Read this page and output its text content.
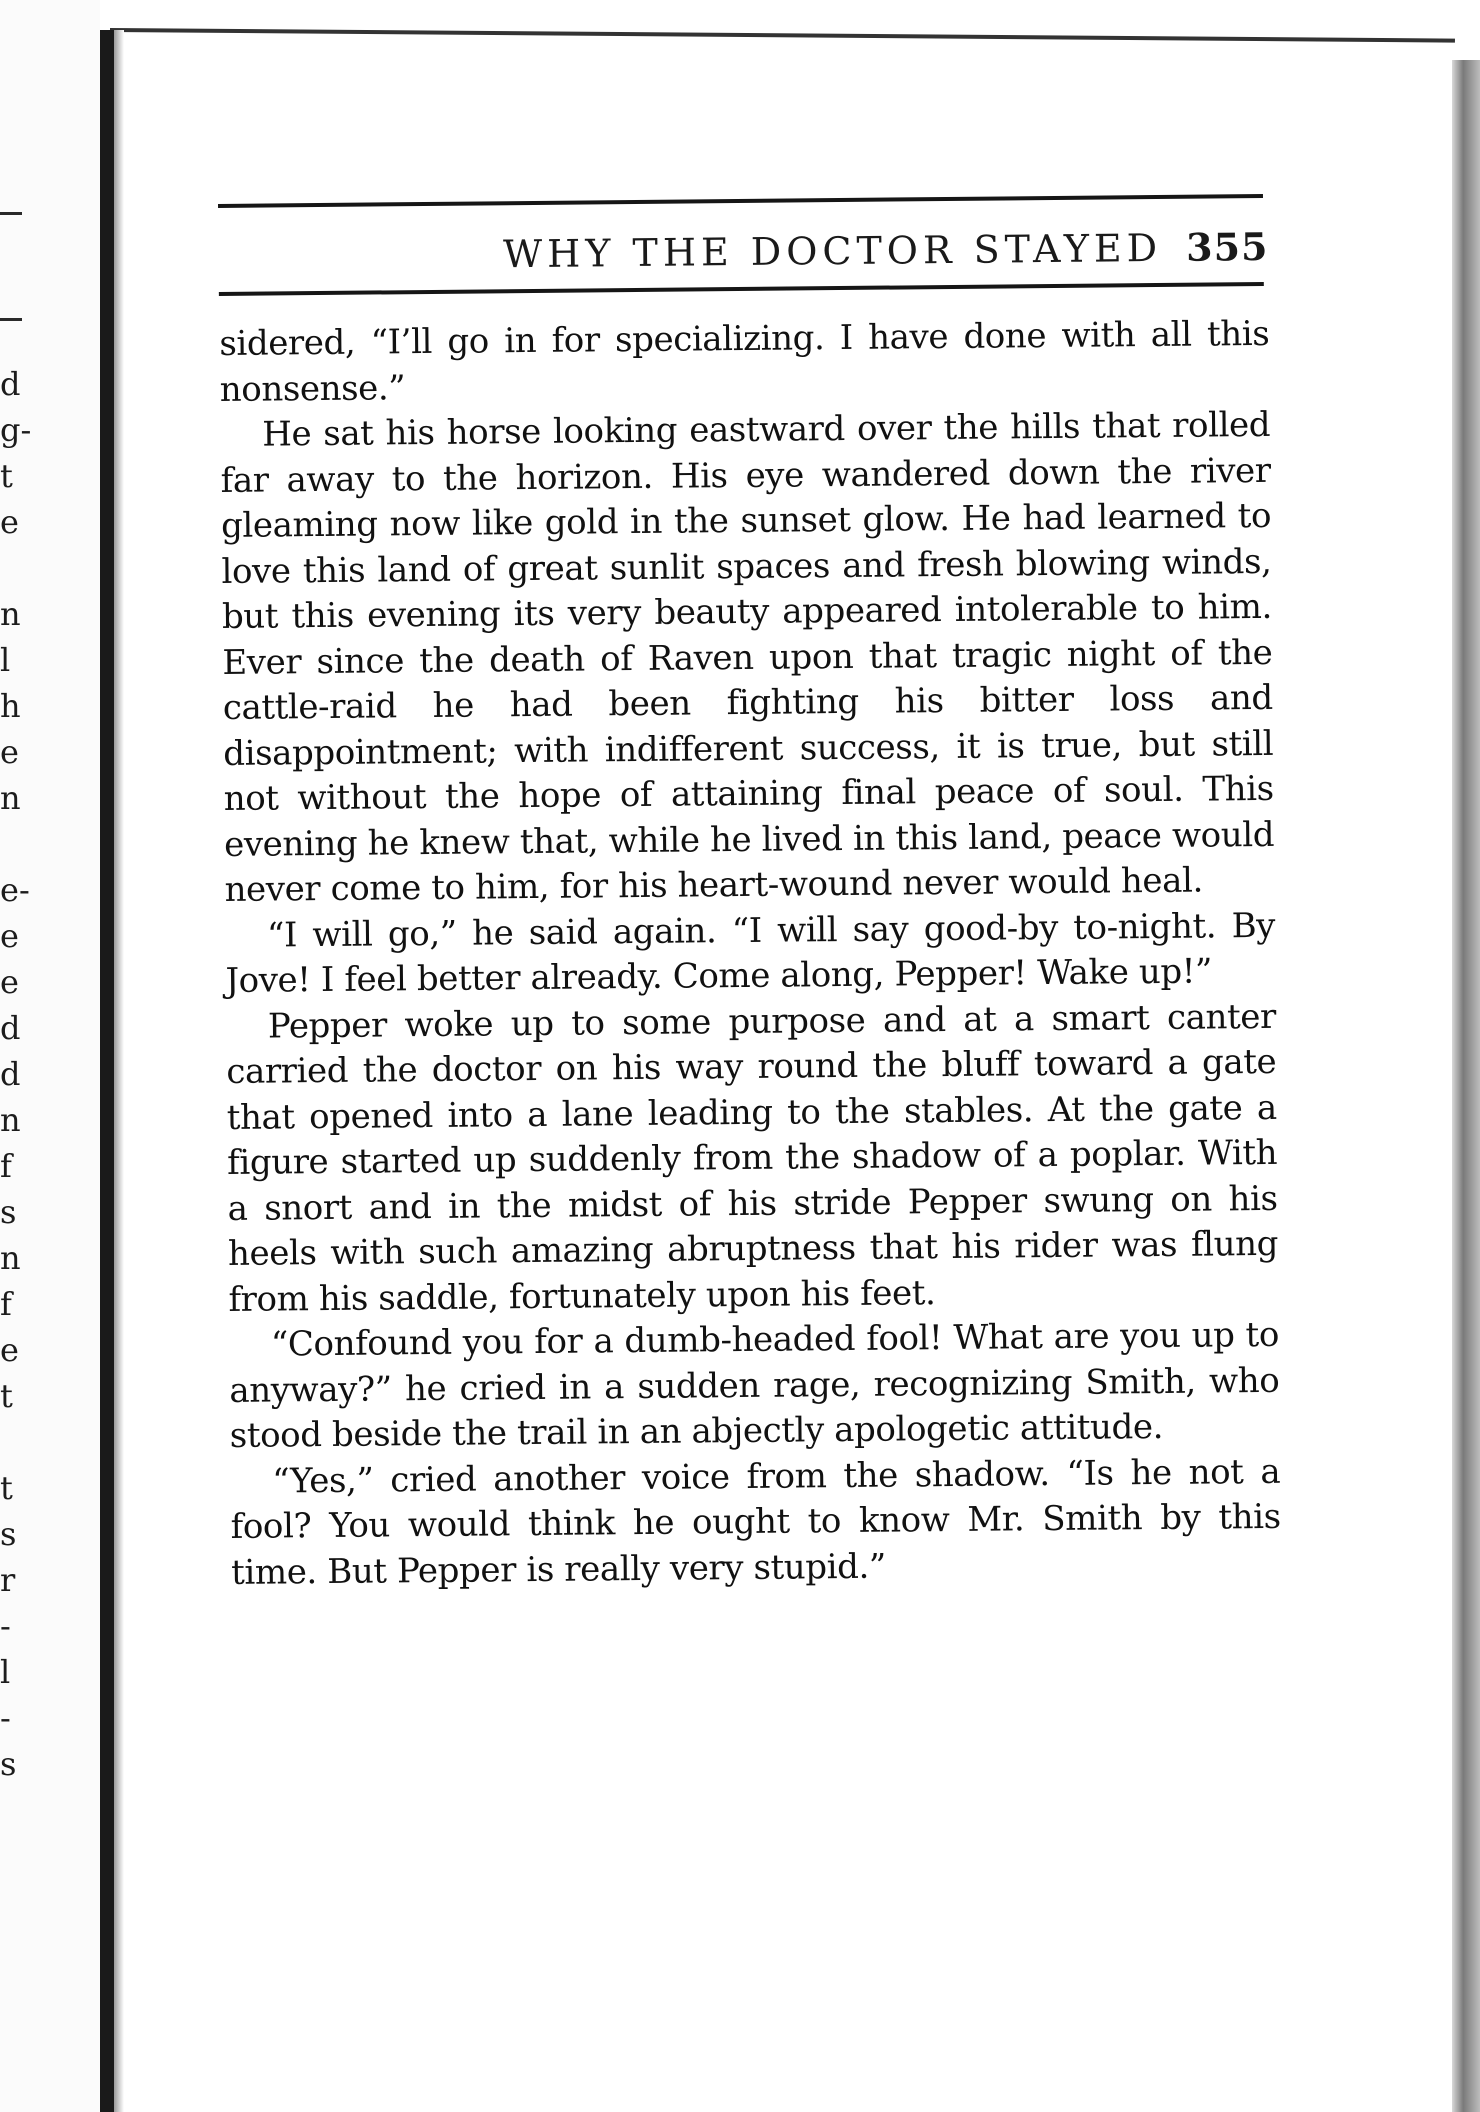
d
g-
t
e
n
l
h
e
n
e-
e
e
d
d
n
f
s
n
f
e
t
t
s
r
-
l
-
s
WHY THE DOCTOR STAYED 355

sidered, “I’ll go in for specializing. I have done with all this nonsense.”

He sat his horse looking eastward over the hills that rolled far away to the horizon. His eye wandered down the river gleaming now like gold in the sunset glow. He had learned to love this land of great sunlit spaces and fresh blowing winds, but this evening its very beauty appeared intolerable to him. Ever since the death of Raven upon that tragic night of the cattle-raid he had been fighting his bitter loss and disappointment; with indifferent success, it is true, but still not without the hope of attaining final peace of soul. This evening he knew that, while he lived in this land, peace would never come to him, for his heart-wound never would heal.

“I will go,” he said again. “I will say good-by to-night. By Jove! I feel better already. Come along, Pepper! Wake up!”

Pepper woke up to some purpose and at a smart canter carried the doctor on his way round the bluff toward a gate that opened into a lane leading to the stables. At the gate a figure started up suddenly from the shadow of a poplar. With a snort and in the midst of his stride Pepper swung on his heels with such amazing abruptness that his rider was flung from his saddle, fortunately upon his feet.

“Confound you for a dumb-headed fool! What are you up to anyway?” he cried in a sudden rage, recognizing Smith, who stood beside the trail in an abjectly apologetic attitude.

“Yes,” cried another voice from the shadow. “Is he not a fool? You would think he ought to know Mr. Smith by this time. But Pepper is really very stupid.”
